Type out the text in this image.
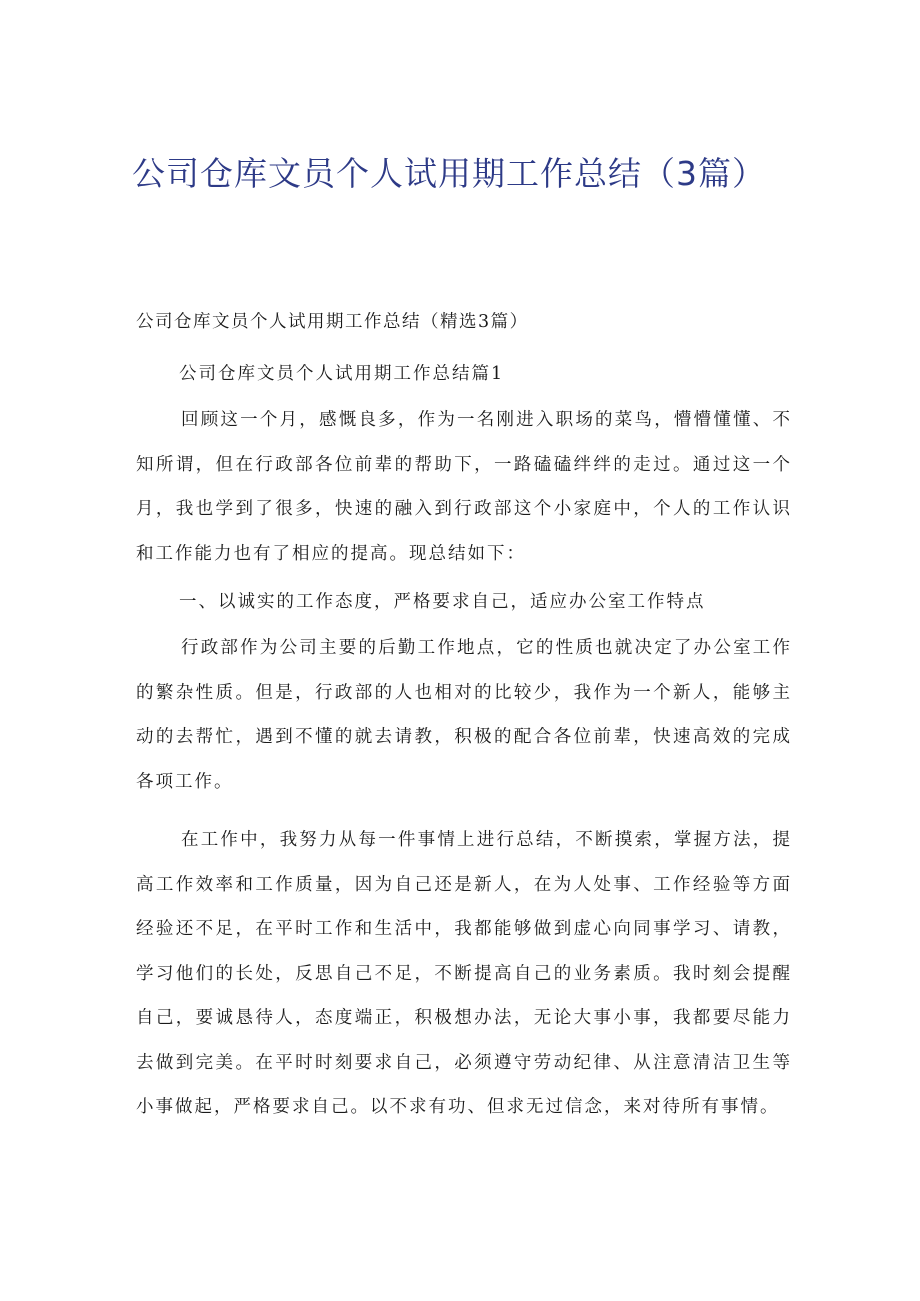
公司仓库文员个人试用期工作总结（3篇）

公司仓库文员个人试用期工作总结（精选3篇）

公司仓库文员个人试用期工作总结篇1

回顾这一个月，感慨良多，作为一名刚进入职场的菜鸟，懵懵懂懂、不知所谓，但在行政部各位前辈的帮助下，一路磕磕绊绊的走过。通过这一个月，我也学到了很多，快速的融入到行政部这个小家庭中，个人的工作认识和工作能力也有了相应的提高。现总结如下：

一、以诚实的工作态度，严格要求自己，适应办公室工作特点

行政部作为公司主要的后勤工作地点，它的性质也就决定了办公室工作的繁杂性质。但是，行政部的人也相对的比较少，我作为一个新人，能够主动的去帮忙，遇到不懂的就去请教，积极的配合各位前辈，快速高效的完成各项工作。

在工作中，我努力从每一件事情上进行总结，不断摸索，掌握方法，提高工作效率和工作质量，因为自己还是新人，在为人处事、工作经验等方面经验还不足，在平时工作和生活中，我都能够做到虚心向同事学习、请教，学习他们的长处，反思自己不足，不断提高自己的业务素质。我时刻会提醒自己，要诚恳待人，态度端正，积极想办法，无论大事小事，我都要尽能力去做到完美。在平时时刻要求自己，必须遵守劳动纪律、从注意清洁卫生等小事做起，严格要求自己。以不求有功、但求无过信念，来对待所有事情。
